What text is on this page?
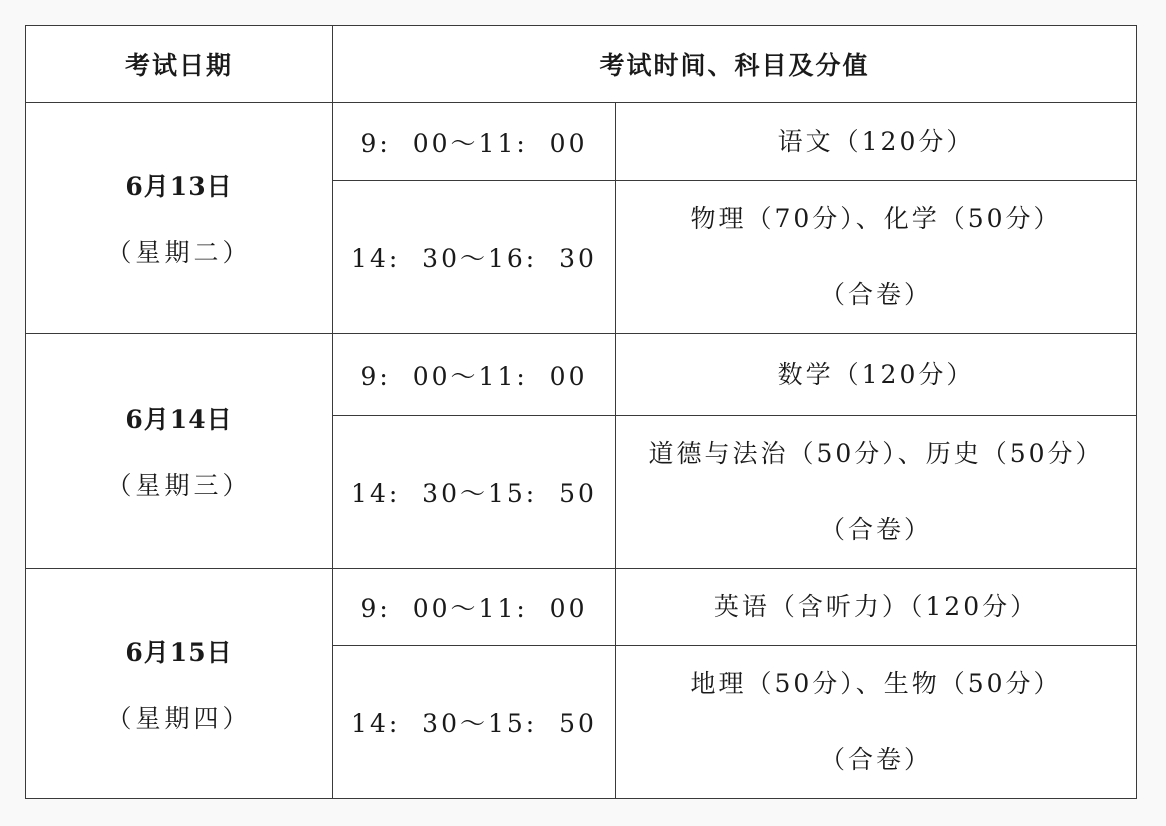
考试日期	考试时间、科目及分值	

6月13日
（星期二）	9:  00～11:  00	语文（120分）

	14:  30～16:  30	物理（70分）、化学（50分）
（合卷）

6月14日
（星期三）	9:  00～11:  00	数学（120分）

	14:  30～15:  50	道德与法治（50分）、历史（50分）
（合卷）

6月15日
（星期四）	9:  00～11:  00	英语（含听力）（120分）

	14:  30～15:  50	地理（50分）、生物（50分）
（合卷）
